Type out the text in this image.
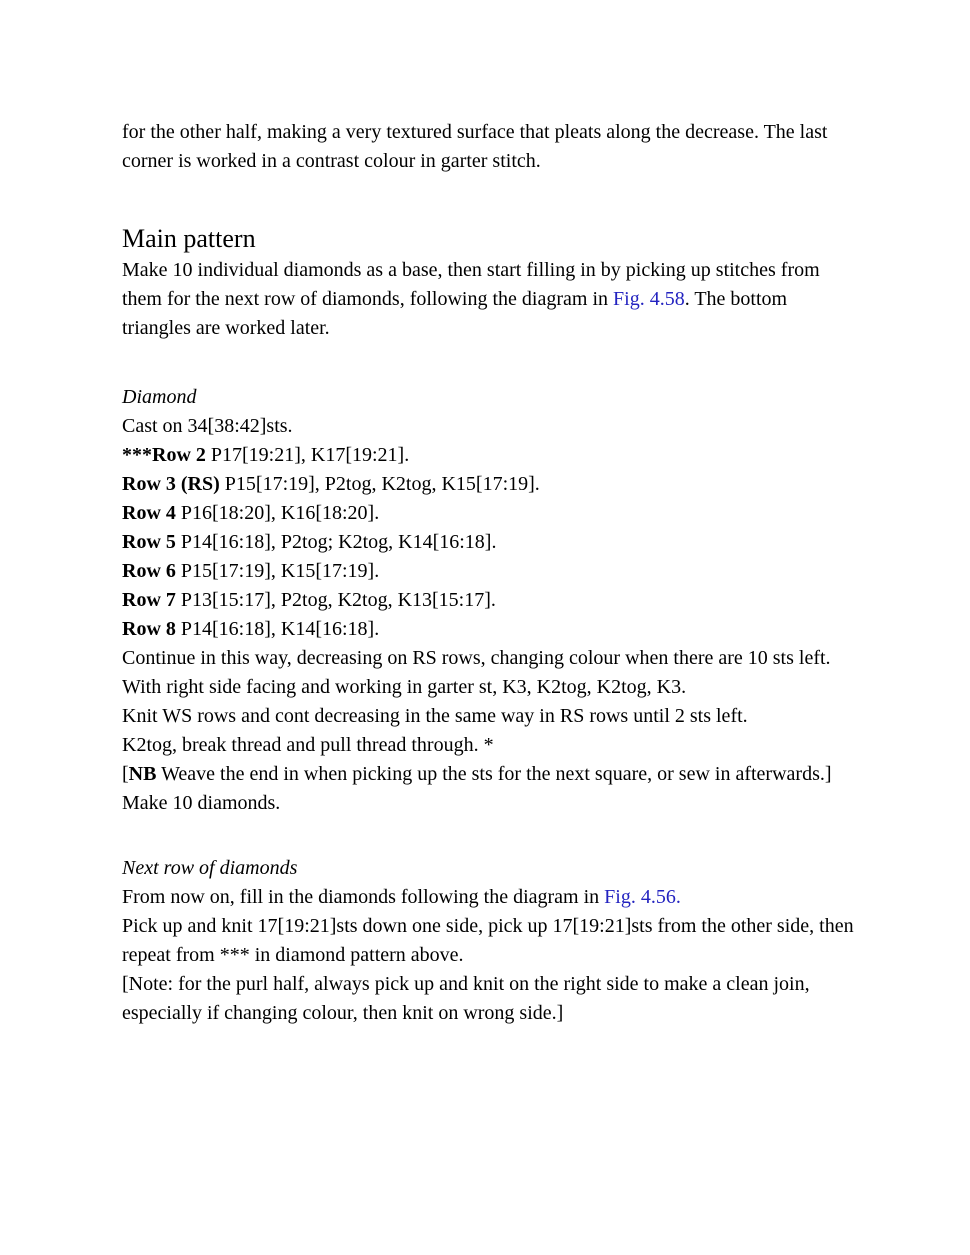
for the other half, making a very textured surface that pleats along the decrease. The last corner is worked in a contrast colour in garter stitch.

Main pattern

Make 10 individual diamonds as a base, then start filling in by picking up stitches from them for the next row of diamonds, following the diagram in Fig. 4.58. The bottom triangles are worked later.

Diamond
Cast on 34[38:42]sts.
***Row 2 P17[19:21], K17[19:21].
Row 3 (RS) P15[17:19], P2tog, K2tog, K15[17:19].
Row 4 P16[18:20], K16[18:20].
Row 5 P14[16:18], P2tog; K2tog, K14[16:18].
Row 6 P15[17:19], K15[17:19].
Row 7 P13[15:17], P2tog, K2tog, K13[15:17].
Row 8 P14[16:18], K14[16:18].
Continue in this way, decreasing on RS rows, changing colour when there are 10 sts left.
With right side facing and working in garter st, K3, K2tog, K2tog, K3.
Knit WS rows and cont decreasing in the same way in RS rows until 2 sts left.
K2tog, break thread and pull thread through. *
[NB Weave the end in when picking up the sts for the next square, or sew in afterwards.]
Make 10 diamonds.
Next row of diamonds
From now on, fill in the diamonds following the diagram in Fig. 4.56.
Pick up and knit 17[19:21]sts down one side, pick up 17[19:21]sts from the other side, then repeat from *** in diamond pattern above.
[Note: for the purl half, always pick up and knit on the right side to make a clean join, especially if changing colour, then knit on wrong side.]
